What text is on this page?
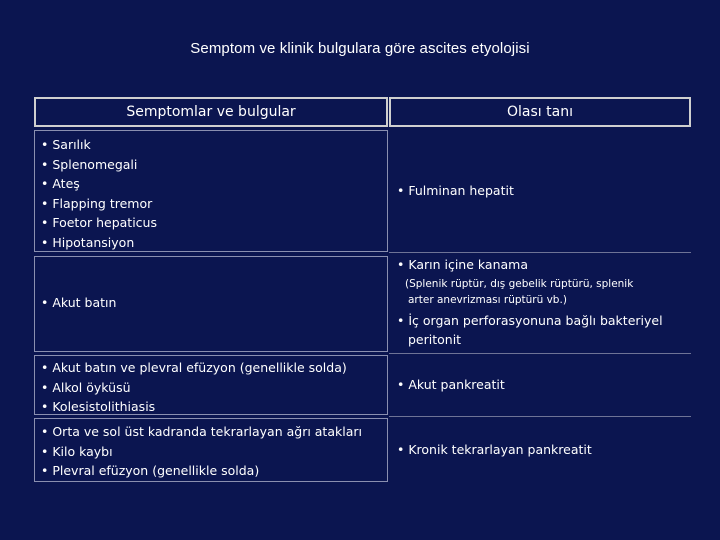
Semptom ve klinik bulgulara göre ascites etyolojisi
Semptomlar ve bulgular	Olası tanı
• Sarılık
• Splenomegali
• Ateş
• Flapping tremor
• Foetor hepaticus
• Hipotansiyon
• Fulminan hepatit
• Akut batın
• Karın içine kanama
(Splenik rüptür, dış gebelik rüptürü, splenik
arter anevrizması rüptürü vb.)
• İç organ perforasyonuna bağlı bakteriyel
peritonit
• Akut batın ve plevral efüzyon (genellikle solda)
• Alkol öyküsü
• Kolesistolithiasis
• Akut pankreatit
• Orta ve sol üst kadranda tekrarlayan ağrı atakları
• Kilo kaybı
• Plevral efüzyon (genellikle solda)
• Kronik tekrarlayan pankreatit
